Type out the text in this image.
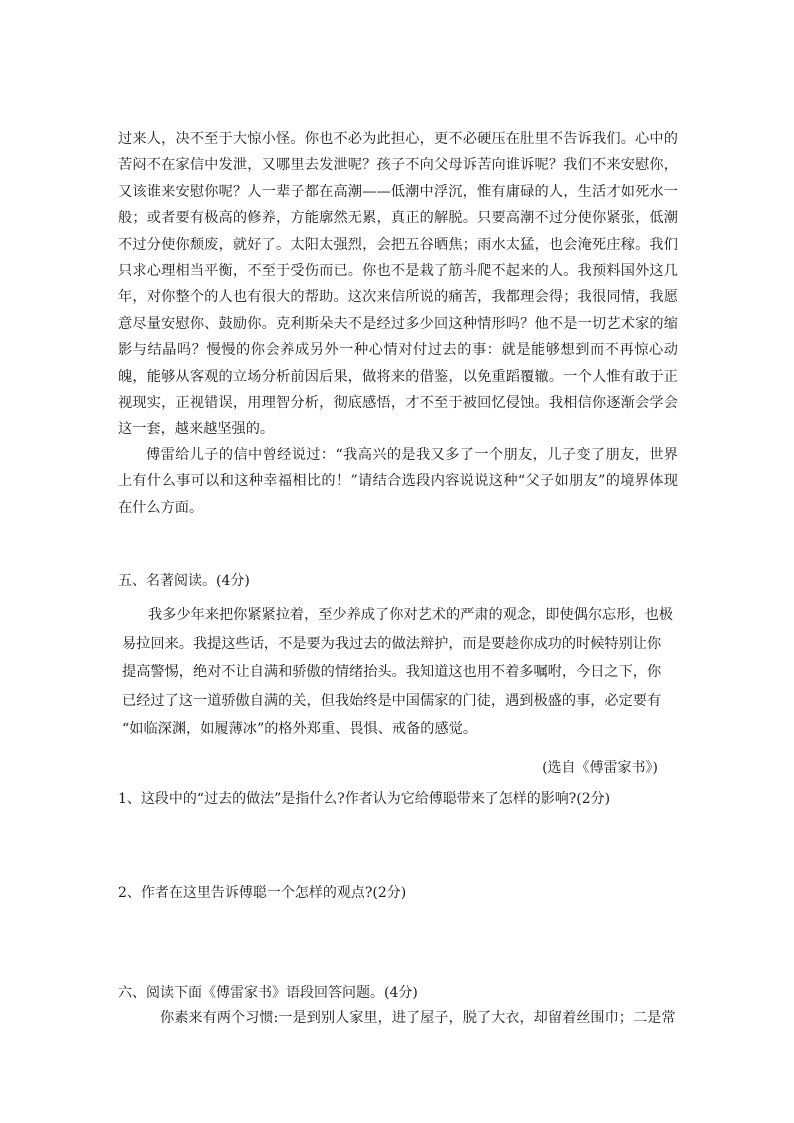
过来人，决不至于大惊小怪。你也不必为此担心，更不必硬压在肚里不告诉我们。心中的苦闷不在家信中发泄，又哪里去发泄呢？孩子不向父母诉苦向谁诉呢？我们不来安慰你，又该谁来安慰你呢？人一辈子都在高潮——低潮中浮沉，惟有庸碌的人，生活才如死水一般；或者要有极高的修养，方能廓然无累，真正的解脱。只要高潮不过分使你紧张，低潮不过分使你颓废，就好了。太阳太强烈，会把五谷晒焦；雨水太猛，也会淹死庄稼。我们只求心理相当平衡，不至于受伤而已。你也不是栽了筋斗爬不起来的人。我预料国外这几年，对你整个的人也有很大的帮助。这次来信所说的痛苦，我都理会得；我很同情，我愿意尽量安慰你、鼓励你。克利斯朵夫不是经过多少回这种情形吗？他不是一切艺术家的缩影与结晶吗？慢慢的你会养成另外一种心情对付过去的事：就是能够想到而不再惊心动魄，能够从客观的立场分析前因后果，做将来的借鉴，以免重蹈覆辙。一个人惟有敢于正视现实，正视错误，用理智分析，彻底感悟，才不至于被回忆侵蚀。我相信你逐渐会学会这一套，越来越坚强的。

傅雷给儿子的信中曾经说过：“我高兴的是我又多了一个朋友，儿子变了朋友，世界上有什么事可以和这种幸福相比的！”请结合选段内容说说这种“父子如朋友”的境界体现在什么方面。

五、名著阅读。(4分)

我多少年来把你紧紧拉着，至少养成了你对艺术的严肃的观念，即使偶尔忘形，也极
易拉回来。我提这些话，不是要为我过去的做法辩护，而是要趁你成功的时候特别让你
提高警惕，绝对不让自满和骄傲的情绪抬头。我知道这也用不着多嘱咐，今日之下，你
已经过了这一道骄傲自满的关，但我始终是中国儒家的门徒，遇到极盛的事，必定要有
“如临深渊，如履薄冰”的格外郑重、畏惧、戒备的感觉。

(选自《傅雷家书》)

1、这段中的“过去的做法”是指什么?作者认为它给傅聪带来了怎样的影响?(2分)

2、作者在这里告诉傅聪一个怎样的观点?(2分)

六、阅读下面《傅雷家书》语段回答问题。(4分)

你素来有两个习惯:一是到别人家里，进了屋子，脱了大衣，却留着丝围巾；二是常
